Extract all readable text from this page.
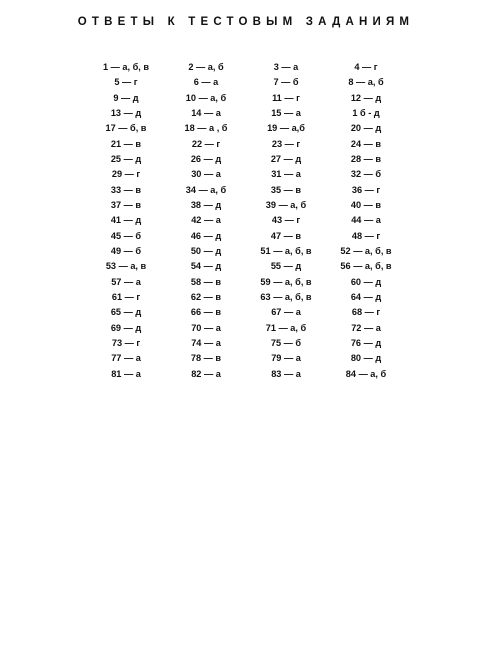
ОТВЕТЫ К ТЕСТОВЫМ ЗАДАНИЯМ
1 — а, б, в	2 — а, б	3 — а	4 — г
5 — г	6 — а	7 — б	8 — а, б
9 — д	10 — а, б	11 — г	12 — д
13 — д	14 — а	15 — а	1 б - д
17 — б, в	18 — а , б	19 — а,б	20 — д
21 — в	22 — г	23 — г	24 — в
25 — д	26 — д	27 — д	28 — в
29 — г	30 — а	31 — а	32 — б
33 — в	34 — а, б	35 — в	36 — г
37 — в	38 — д	39 — а, б	40 — в
41 — д	42 — а	43 — г	44 — а
45 — б	46 — д	47 — в	48 — г
49 — б	50 — д	51 — а, б, в	52 — а, б, в
53 — а, в	54 — д	55 — д	56 — а, б, в
57 — а	58 — в	59 — а, б, в	60 — д
61 — г	62 — в	63 — а, б, в	64 — д
65 — д	66 — в	67 — а	68 — г
69 — д	70 — а	71 — а, б	72 — а
73 — г	74 — а	75 — б	76 — д
77 — а	78 — в	79 — а	80 — д
81 — а	82 — а	83 — а	84 — а, б
